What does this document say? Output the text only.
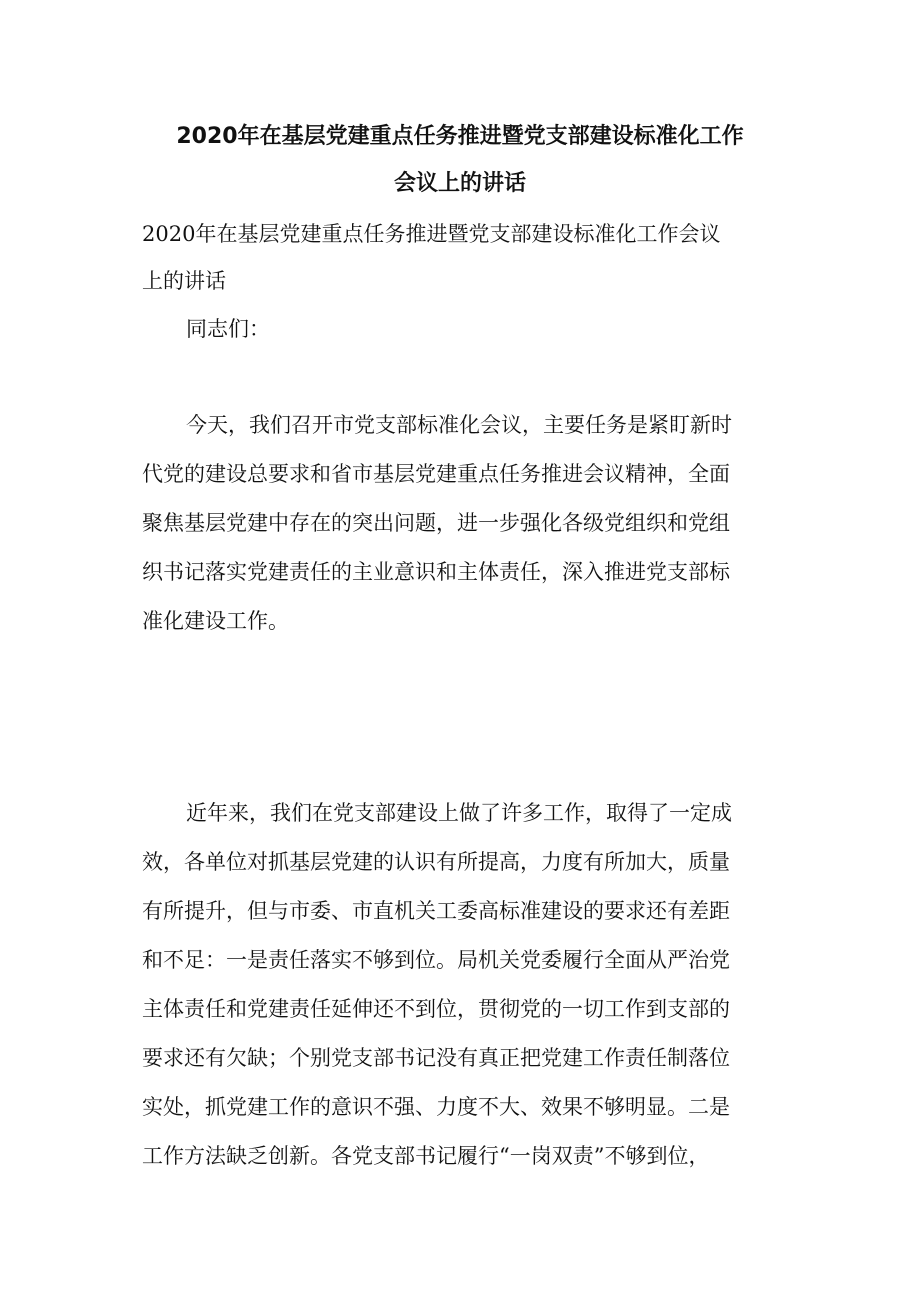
2020年在基层党建重点任务推进暨党支部建设标准化工作
会议上的讲话
2020年在基层党建重点任务推进暨党支部建设标准化工作会议
上的讲话
同志们：
今天，我们召开市党支部标准化会议，主要任务是紧盯新时
代党的建设总要求和省市基层党建重点任务推进会议精神，全面
聚焦基层党建中存在的突出问题，进一步强化各级党组织和党组
织书记落实党建责任的主业意识和主体责任，深入推进党支部标
准化建设工作。
近年来，我们在党支部建设上做了许多工作，取得了一定成
效，各单位对抓基层党建的认识有所提高，力度有所加大，质量
有所提升，但与市委、市直机关工委高标准建设的要求还有差距
和不足：一是责任落实不够到位。局机关党委履行全面从严治党
主体责任和党建责任延伸还不到位，贯彻党的一切工作到支部的
要求还有欠缺；个别党支部书记没有真正把党建工作责任制落位
实处，抓党建工作的意识不强、力度不大、效果不够明显。二是
工作方法缺乏创新。各党支部书记履行“一岗双责”不够到位，
